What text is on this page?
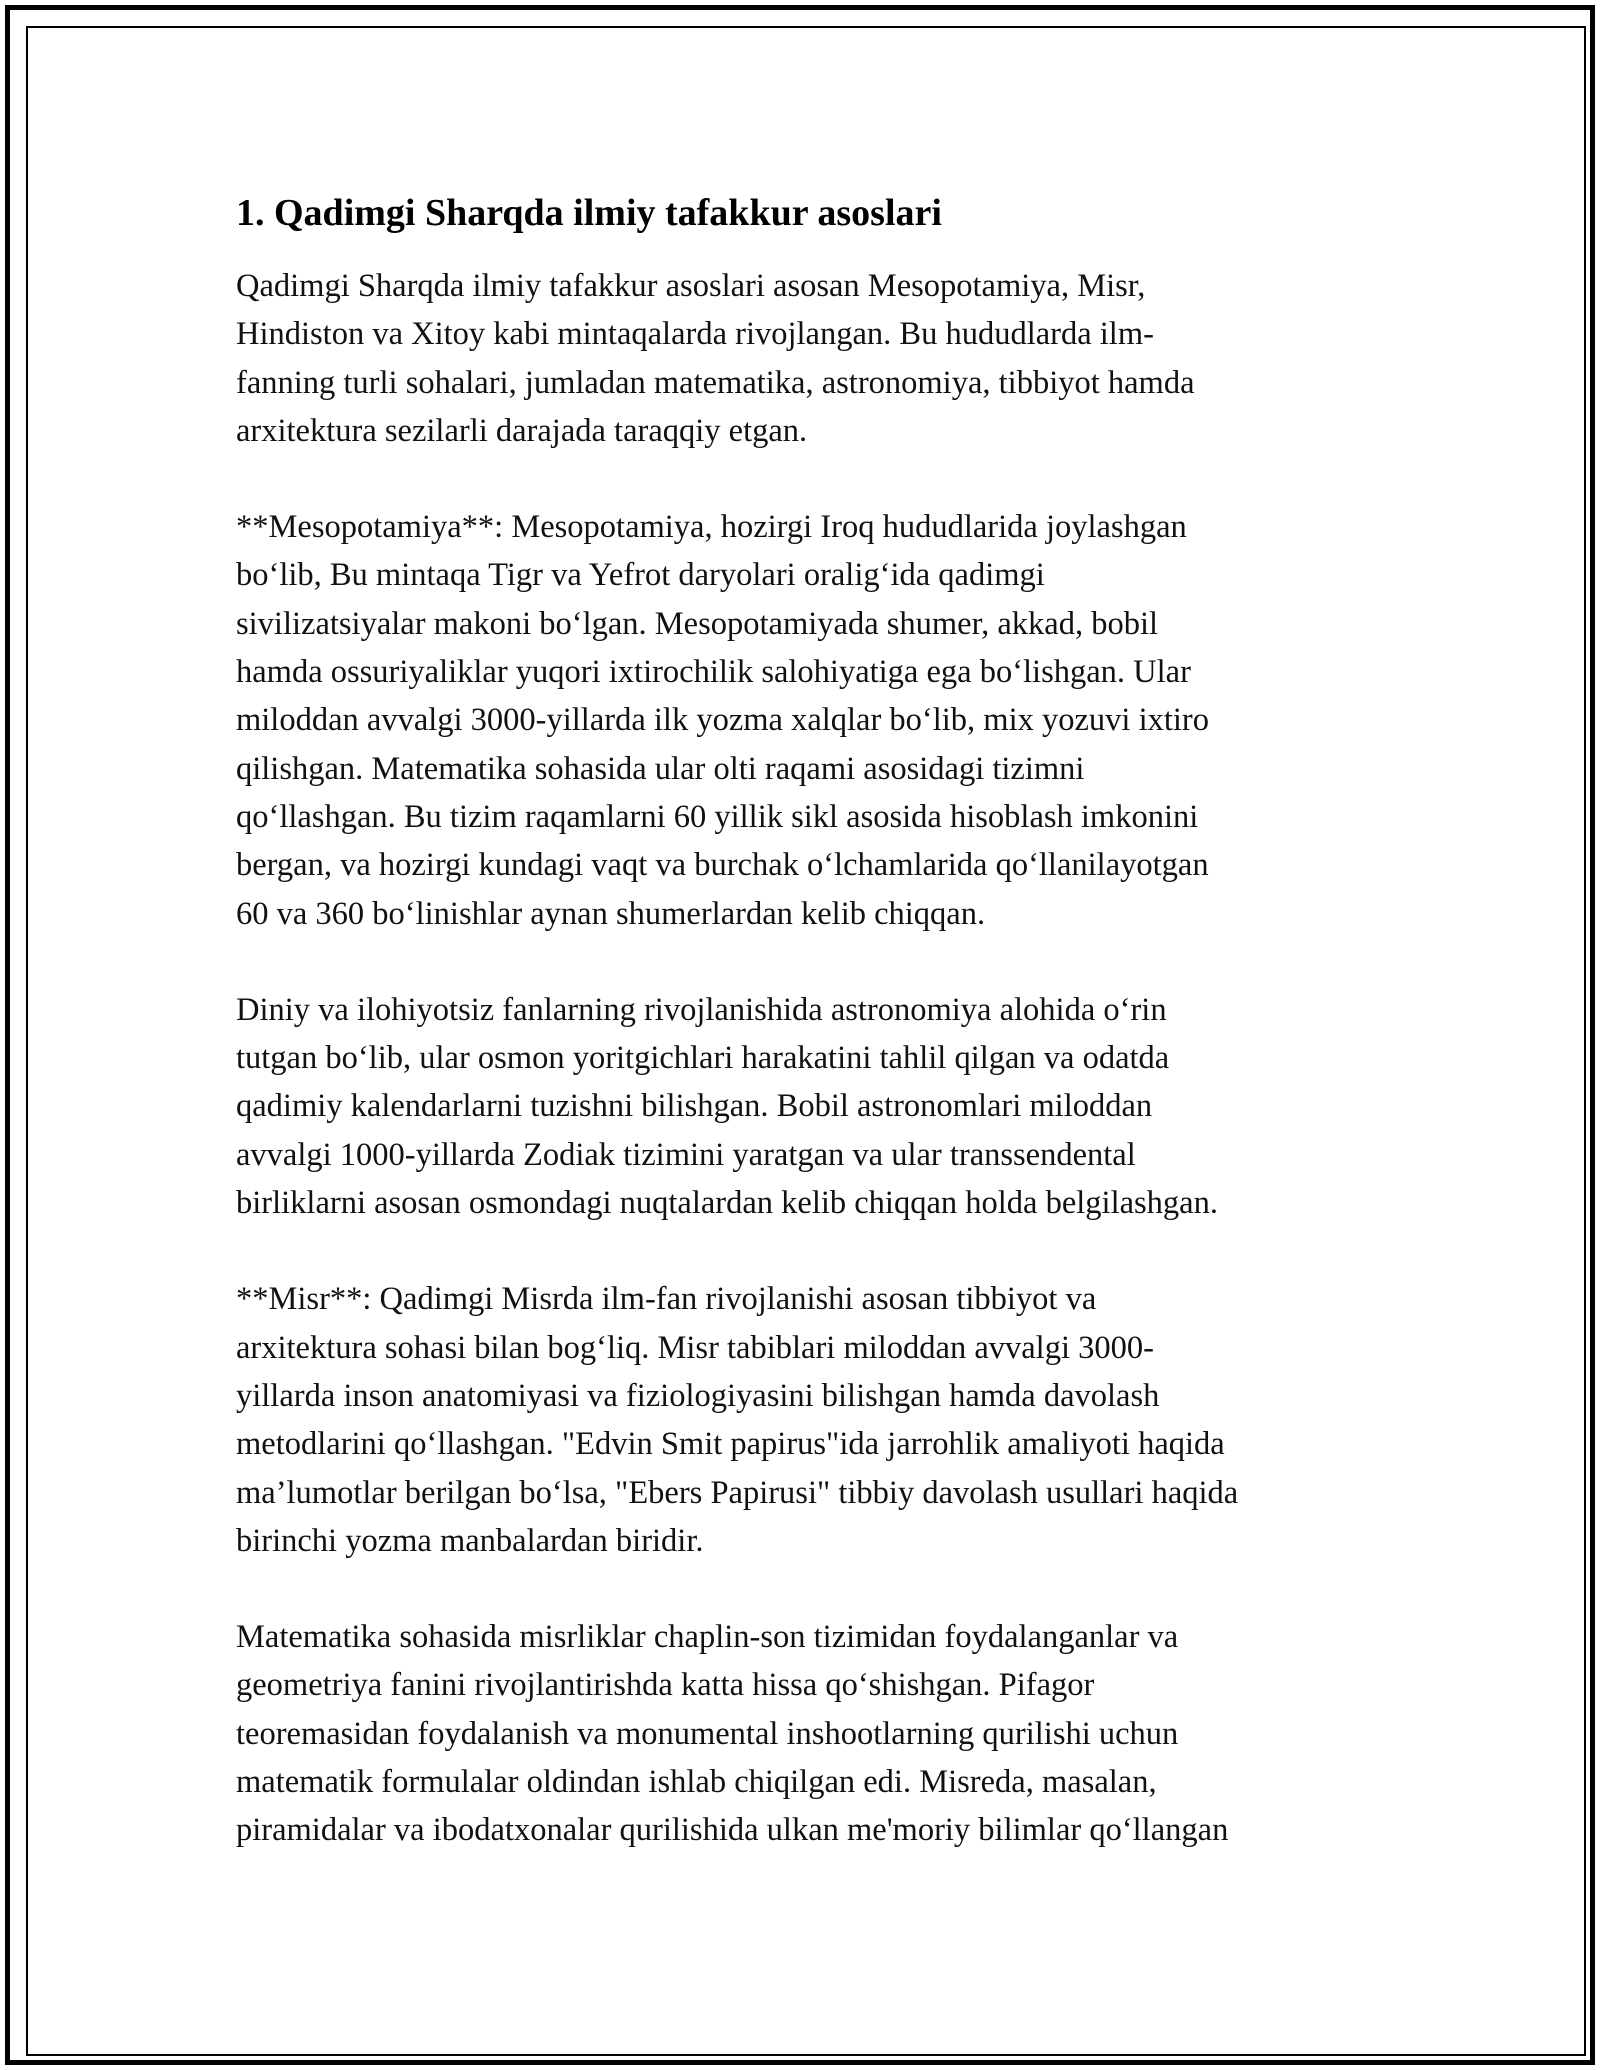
1. Qadimgi Sharqda ilmiy tafakkur asoslari

Qadimgi Sharqda ilmiy tafakkur asoslari asosan Mesopotamiya, Misr,
Hindiston va Xitoy kabi mintaqalarda rivojlangan. Bu hududlarda ilm-
fanning turli sohalari, jumladan matematika, astronomiya, tibbiyot hamda
arxitektura sezilarli darajada taraqqiy etgan.

**Mesopotamiya**: Mesopotamiya, hozirgi Iroq hududlarida joylashgan
bo‘lib, Bu mintaqa Tigr va Yefrot daryolari oralig‘ida qadimgi
sivilizatsiyalar makoni bo‘lgan. Mesopotamiyada shumer, akkad, bobil
hamda ossuriyaliklar yuqori ixtirochilik salohiyatiga ega bo‘lishgan. Ular
miloddan avvalgi 3000-yillarda ilk yozma xalqlar bo‘lib, mix yozuvi ixtiro
qilishgan. Matematika sohasida ular olti raqami asosidagi tizimni
qo‘llashgan. Bu tizim raqamlarni 60 yillik sikl asosida hisoblash imkonini
bergan, va hozirgi kundagi vaqt va burchak o‘lchamlarida qo‘llanilayotgan
60 va 360 bo‘linishlar aynan shumerlardan kelib chiqqan.

Diniy va ilohiyotsiz fanlarning rivojlanishida astronomiya alohida o‘rin
tutgan bo‘lib, ular osmon yoritgichlari harakatini tahlil qilgan va odatda
qadimiy kalendarlarni tuzishni bilishgan. Bobil astronomlari miloddan
avvalgi 1000-yillarda Zodiak tizimini yaratgan va ular transsendental
birliklarni asosan osmondagi nuqtalardan kelib chiqqan holda belgilashgan.

**Misr**: Qadimgi Misrda ilm-fan rivojlanishi asosan tibbiyot va
arxitektura sohasi bilan bog‘liq. Misr tabiblari miloddan avvalgi 3000-
yillarda inson anatomiyasi va fiziologiyasini bilishgan hamda davolash
metodlarini qo‘llashgan. "Edvin Smit papirus"ida jarrohlik amaliyoti haqida
ma’lumotlar berilgan bo‘lsa, "Ebers Papirusi" tibbiy davolash usullari haqida
birinchi yozma manbalardan biridir.

Matematika sohasida misrliklar chaplin-son tizimidan foydalanganlar va
geometriya fanini rivojlantirishda katta hissa qo‘shishgan. Pifagor
teoremasidan foydalanish va monumental inshootlarning qurilishi uchun
matematik formulalar oldindan ishlab chiqilgan edi. Misreda, masalan,
piramidalar va ibodatxonalar qurilishida ulkan me'moriy bilimlar qo‘llangan
